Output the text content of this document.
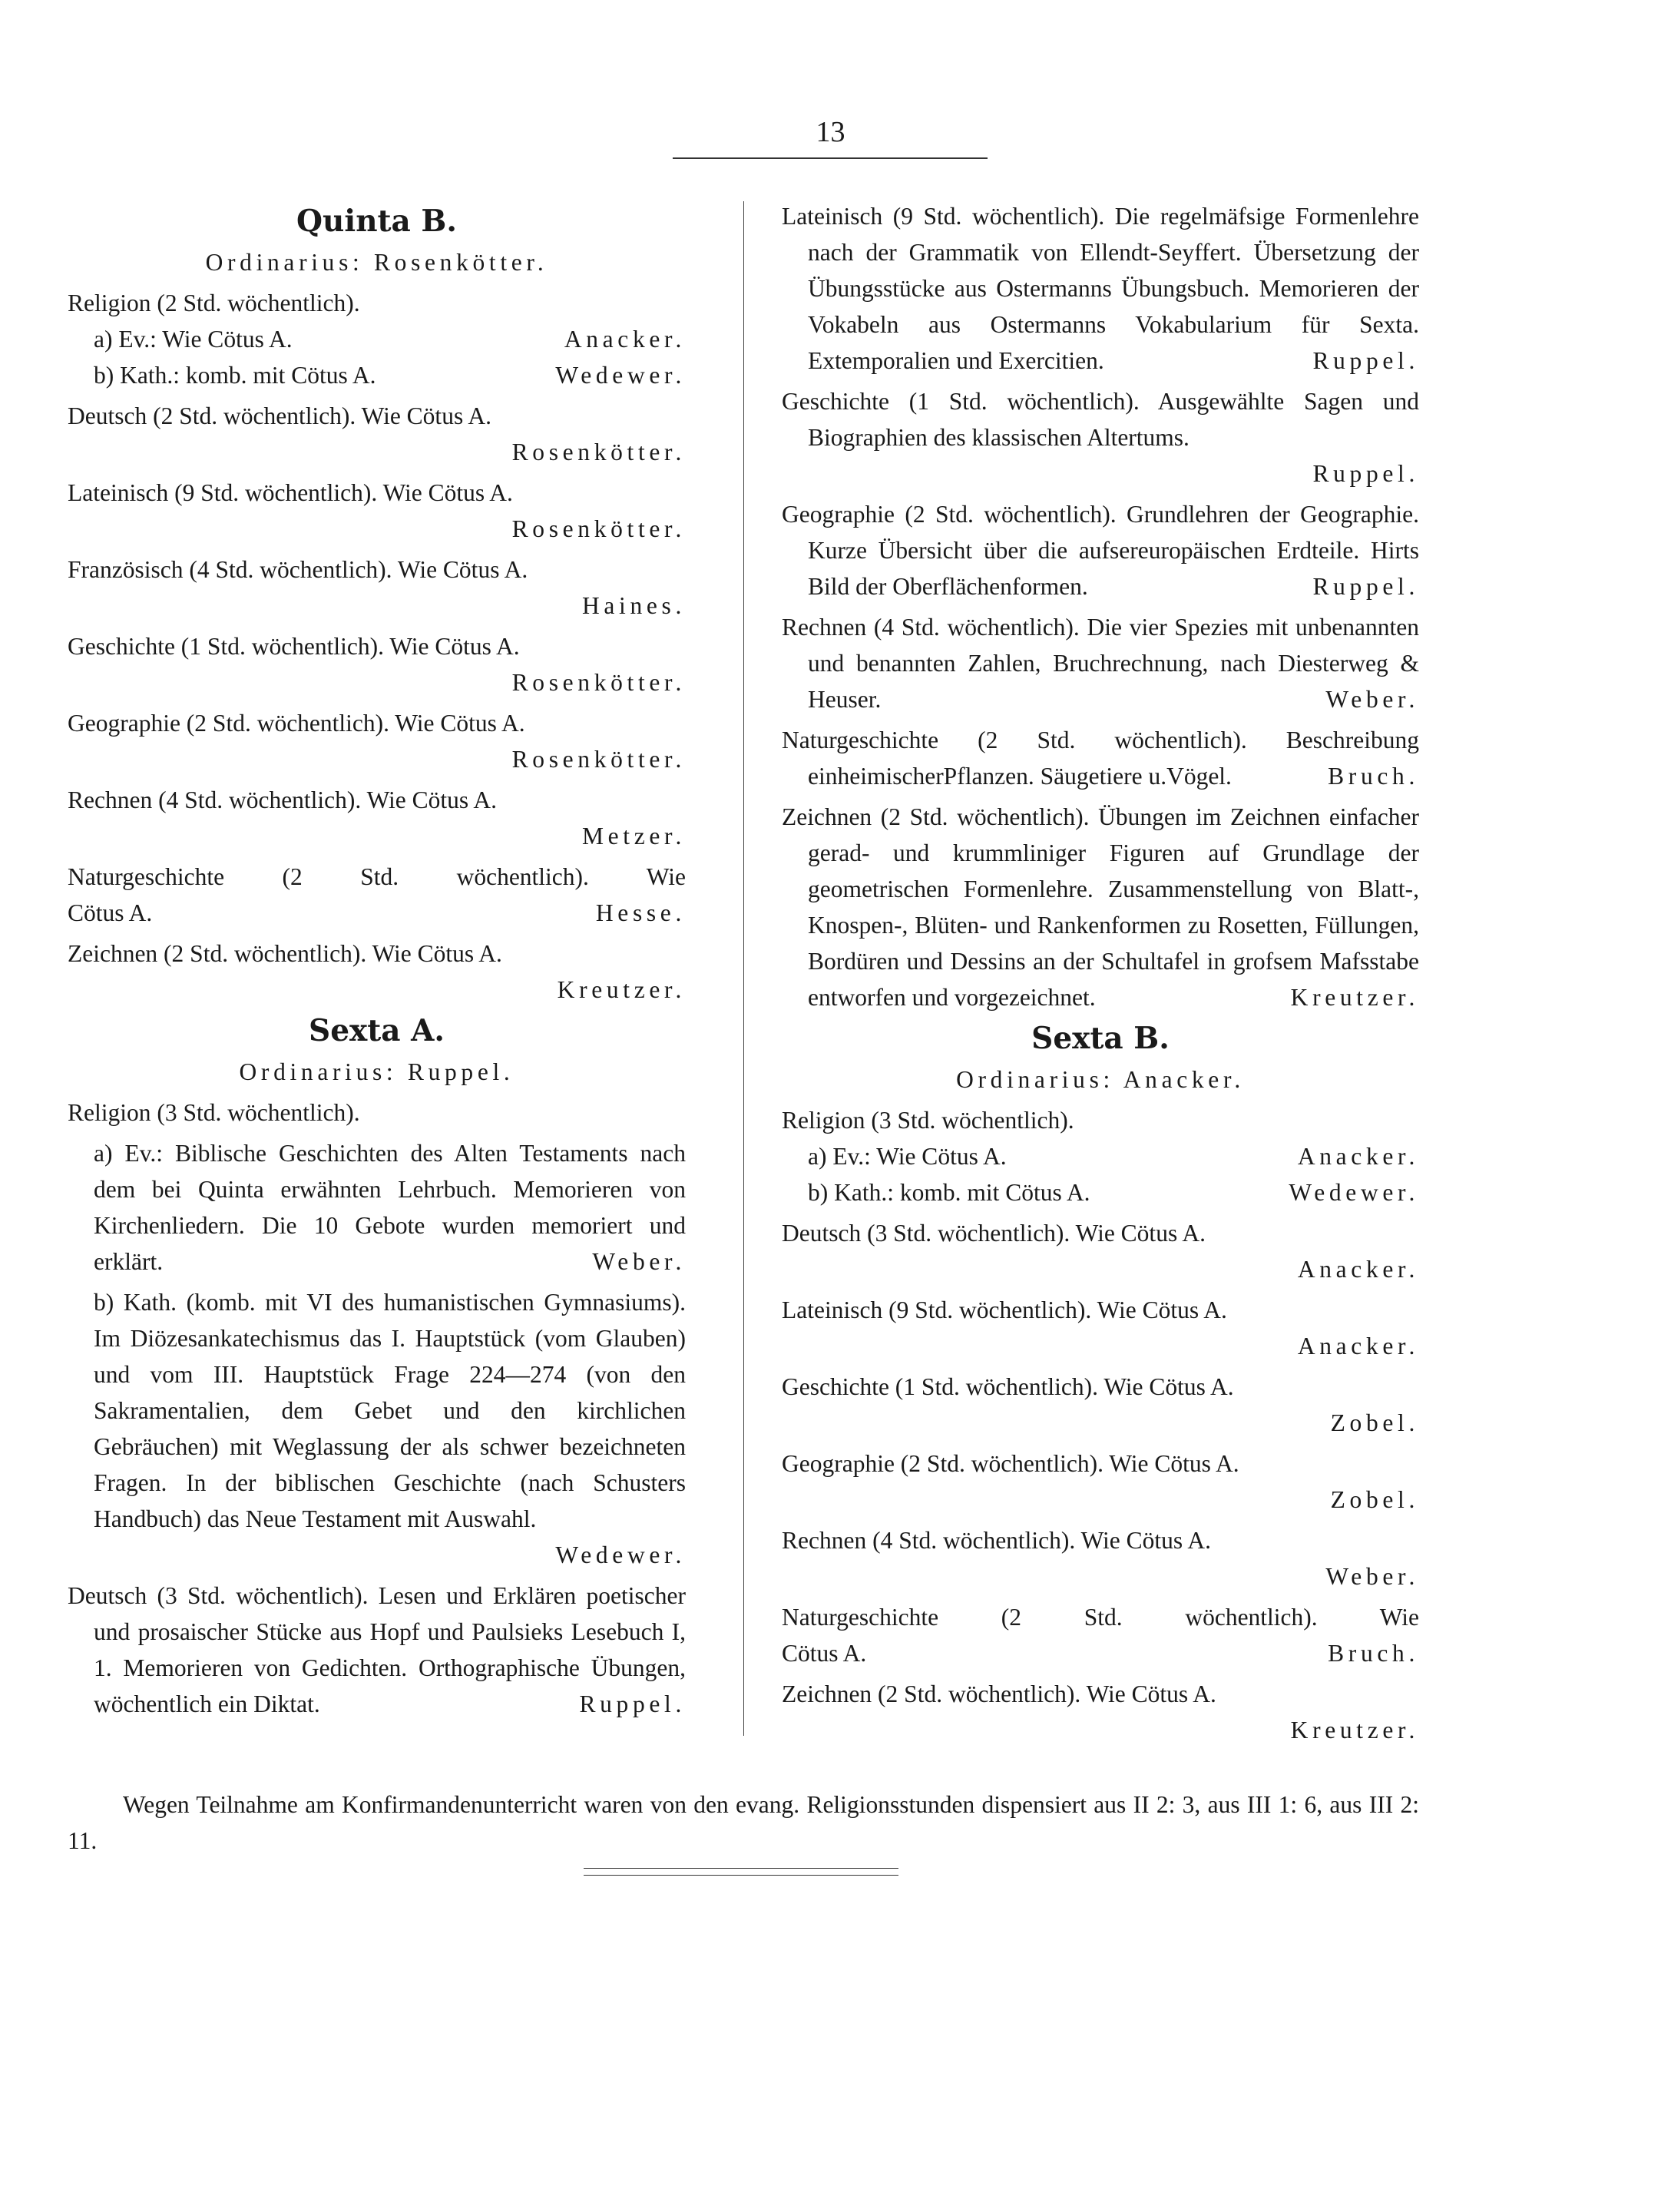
13
Quinta B.

Ordinarius: Rosenkötter.

Religion (2 Std. wöchentlich).

a) Ev.: Wie Cötus A.	Anacker.
b) Kath.: komb. mit Cötus A.	Wedewer.

Deutsch (2 Std. wöchentlich). Wie Cötus A.

Rosenkötter.

Lateinisch (9 Std. wöchentlich). Wie Cötus A.

Rosenkötter.

Französisch (4 Std. wöchentlich). Wie Cötus A.

Haines.

Geschichte (1 Std. wöchentlich). Wie Cötus A.

Rosenkötter.

Geographie (2 Std. wöchentlich). Wie Cötus A.

Rosenkötter.

Rechnen (4 Std. wöchentlich). Wie Cötus A.

Metzer.

Naturgeschichte (2 Std. wöchentlich). Wie

Cötus A.	Hesse.

Zeichnen (2 Std. wöchentlich). Wie Cötus A.

Kreutzer.

Sexta A.

Ordinarius: Ruppel.

Religion (3 Std. wöchentlich).

a) Ev.: Biblische Geschichten des Alten Testaments nach dem bei Quinta erwähnten Lehrbuch. Memorieren von Kirchenliedern. Die 10 Gebote wurden memoriert und erklärt.	Weber.

b) Kath. (komb. mit VI des humanistischen Gymnasiums). Im Diözesankatechismus das I. Hauptstück (vom Glauben) und vom III. Hauptstück Frage 224—274 (von den Sakramentalien, dem Gebet und den kirchlichen Gebräuchen) mit Weglassung der als schwer bezeichneten Fragen. In der biblischen Geschichte (nach Schusters Handbuch) das Neue Testament mit Auswahl.

Wedewer.

Deutsch (3 Std. wöchentlich). Lesen und Erklären poetischer und prosaischer Stücke aus Hopf und Paulsieks Lesebuch I, 1. Memorieren von Gedichten. Orthographische Übungen, wöchentlich ein Diktat.	Ruppel.

Lateinisch (9 Std. wöchentlich). Die regelmäfsige Formenlehre nach der Grammatik von Ellendt-Seyffert. Übersetzung der Übungsstücke aus Ostermanns Übungsbuch. Memorieren der Vokabeln aus Ostermanns Vokabularium für Sexta. Extemporalien und Exercitien.	Ruppel.

Geschichte (1 Std. wöchentlich). Ausgewählte Sagen und Biographien des klassischen Altertums.

Ruppel.

Geographie (2 Std. wöchentlich). Grundlehren der Geographie. Kurze Übersicht über die aufsereuropäischen Erdteile. Hirts Bild der Oberflächenformen.	Ruppel.

Rechnen (4 Std. wöchentlich). Die vier Spezies mit unbenannten und benannten Zahlen, Bruchrechnung, nach Diesterweg & Heuser.	Weber.

Naturgeschichte (2 Std. wöchentlich). Beschreibung einheimischerPflanzen. Säugetiere u.Vögel.	Bruch.

Zeichnen (2 Std. wöchentlich). Übungen im Zeichnen einfacher gerad- und krummliniger Figuren auf Grundlage der geometrischen Formenlehre. Zusammenstellung von Blatt-, Knospen-, Blüten- und Rankenformen zu Rosetten, Füllungen, Bordüren und Dessins an der Schultafel in grofsem Mafsstabe entworfen und vorgezeichnet.	Kreutzer.

Sexta B.

Ordinarius: Anacker.

Religion (3 Std. wöchentlich).

a) Ev.: Wie Cötus A.	Anacker.
b) Kath.: komb. mit Cötus A.	Wedewer.

Deutsch (3 Std. wöchentlich). Wie Cötus A.

Anacker.

Lateinisch (9 Std. wöchentlich). Wie Cötus A.

Anacker.

Geschichte (1 Std. wöchentlich). Wie Cötus A.

Zobel.

Geographie (2 Std. wöchentlich). Wie Cötus A.

Zobel.

Rechnen (4 Std. wöchentlich). Wie Cötus A.

Weber.

Naturgeschichte (2 Std. wöchentlich). Wie

Cötus A.	Bruch.

Zeichnen (2 Std. wöchentlich). Wie Cötus A.

Kreutzer.

Wegen Teilnahme am Konfirmandenunterricht waren von den evang. Religionsstunden dispensiert aus II 2: 3, aus III 1: 6, aus III 2: 11.
